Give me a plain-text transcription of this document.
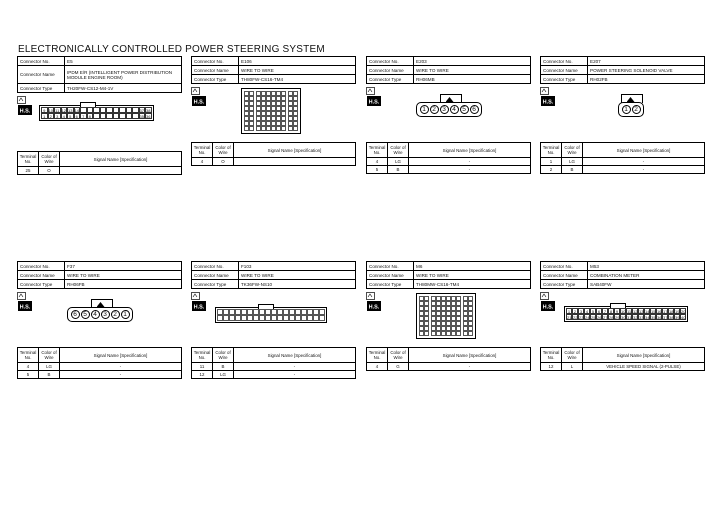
ELECTRONICALLY CONTROLLED POWER STEERING SYSTEM
Connector No.	E5
Connector Name	IPDM E/R (INTELLIGENT POWER DISTRIBUTION MODULE ENGINE ROOM)
Connector Type	TH20FW-CS12-M4-1V
H.S.	9 10 11 12 13 14	37 38
1	2	3	4	5	6	7	8	35 36
Terminal No.	Color of Wire	Signal Name [Specification]
25	O	
Connector No.	E106
Connector Name	WIRE TO WIRE
Connector Type	TH80FW-CS16-TM4
H.S.
Terminal No.	Color of Wire	Signal Name [Specification]
4	O	
Connector No.	E203
Connector Name	WIRE TO WIRE
Connector Type	RH06MB
H.S.
1 2 3 4 5 6
Terminal No.	Color of Wire	Signal Name [Specification]
4	LG	-
5	B	-
Connector No.	E207
Connector Name	POWER STEERING SOLENOID VALVE
Connector Type	RH02FB
H.S.
1 2
Terminal No.	Color of Wire	Signal Name [Specification]
1	LG	-
2	B	-
Connector No.	F37
Connector Name	WIRE TO WIRE
Connector Type	RH06FB
H.S.
6 5 4 3 2 1
Terminal No.	Color of Wire	Signal Name [Specification]
4	LG	-
5	B	-
Connector No.	F103
Connector Name	WIRE TO WIRE
Connector Type	TK36FW-NS10
H.S.
Terminal No.	Color of Wire	Signal Name [Specification]
11	B	-
12	LG	-
Connector No.	M6
Connector Name	WIRE TO WIRE
Connector Type	TH80MW-CS16-TM4
H.S.
Terminal No.	Color of Wire	Signal Name [Specification]
4	G	-
Connector No.	M53
Connector Name	COMBINATION METER
Connector Type	SAB40FW
H.S.
1 2 3 4 5 6 7 8 9 10 11 12 13 14 15 16 17 18 19 20
21 22 23 24 25 26 27 28 29 30 31 32 33 34 35 36 37 38 39 40
Terminal No.	Color of Wire	Signal Name [Specification]
12	L	VEHICLE SPEED SIGNAL (2-PULSE)
